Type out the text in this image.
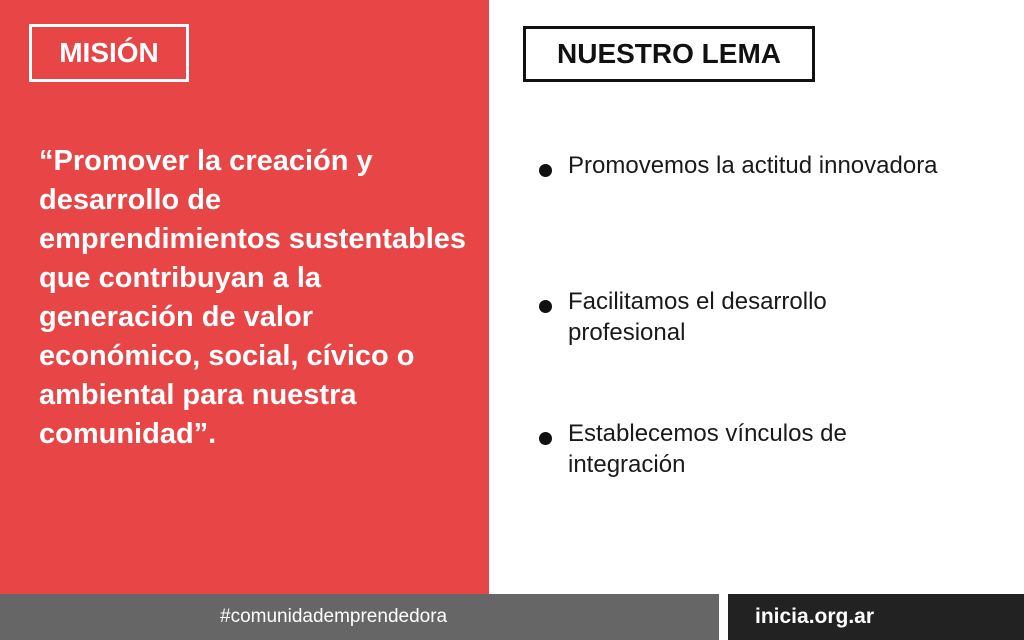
MISIÓN

“Promover la creación y desarrollo de emprendimientos sustentables que contribuyan a la generación de valor económico, social, cívico o ambiental para nuestra comunidad”.

NUESTRO LEMA
Promovemos la actitud innovadora
Facilitamos el desarrollo profesional
Establecemos vínculos de integración
#comunidademprendedora	inicia.org.ar
